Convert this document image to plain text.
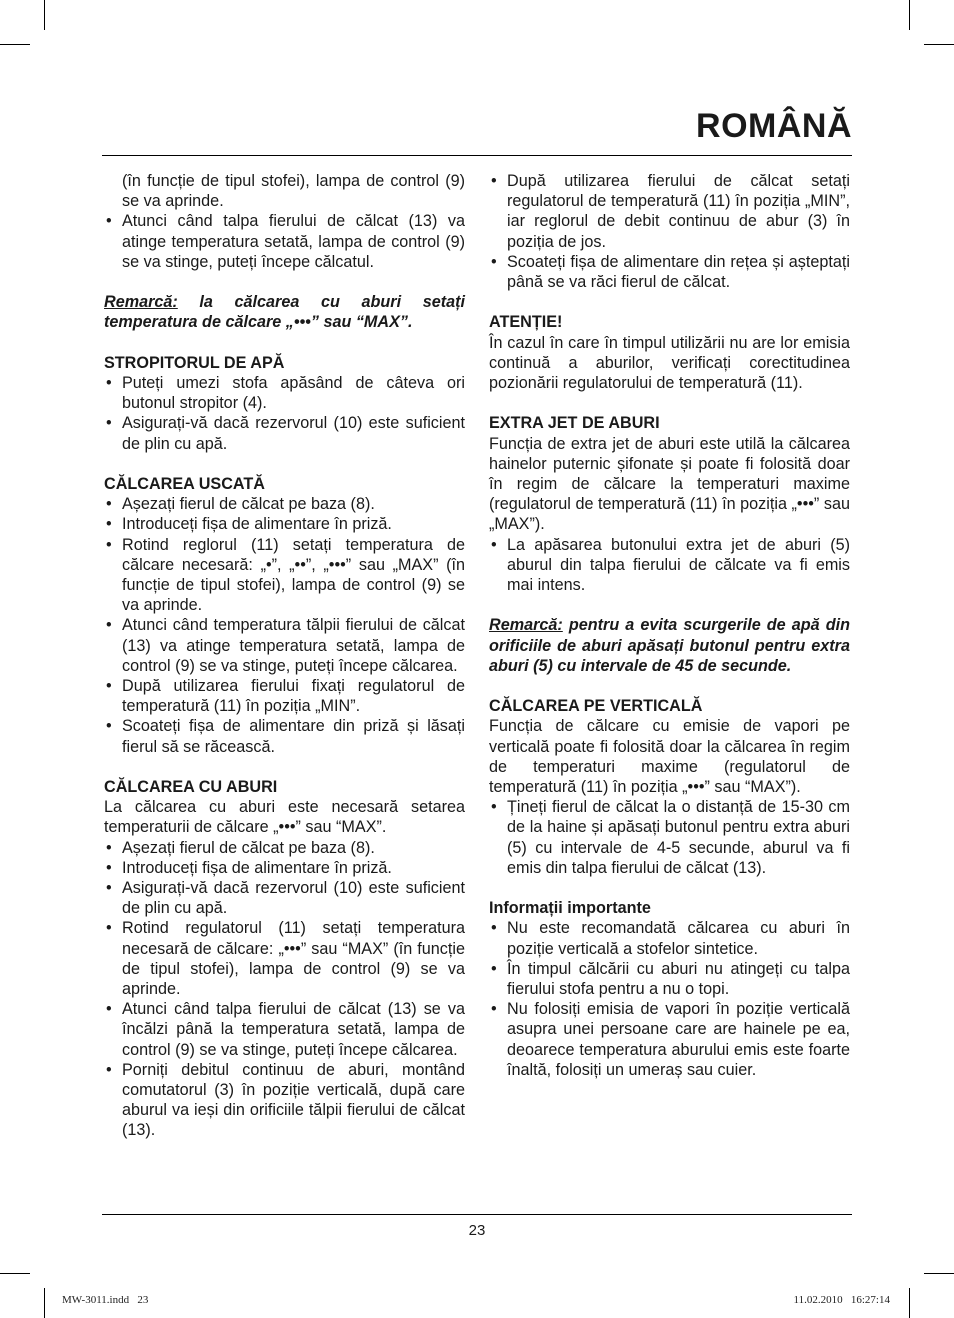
ROMÂNĂ

(în funcție de tipul stofei), lampa de control (9) se va aprinde.

• Atunci când talpa fierului de călcat (13) va atinge temperatura setată, lampa de control (9) se va stinge, puteți începe călcatul.

Remarcă: la călcarea cu aburi setați temperatura de călcare „•••” sau “MAX”.

STROPITORUL DE APĂ
• Puteți umezi stofa apăsând de câteva ori butonul stropitor (4).
• Asigurați-vă dacă rezervorul (10) este suficient de plin cu apă.
CĂLCAREA USCATĂ
• Așezați fierul de călcat pe baza (8).
• Introduceți fișa de alimentare în priză.
• Rotind reglorul (11) setați temperatura de călcare necesară: „•”, „••”, „•••” sau „MAX” (în funcție de tipul stofei), lampa de control (9) se va aprinde.
• Atunci când temperatura tălpii fierului de călcat (13) va atinge temperatura setată, lampa de control (9) se va stinge, puteți începe călcarea.
• După utilizarea fierului fixați regulatorul de temperatură (11) în poziția „MIN”.
• Scoateți fișa de alimentare din priză și lăsați fierul să se răcească.
CĂLCAREA CU ABURI

La călcarea cu aburi este necesară setarea temperaturii de călcare „•••” sau “MAX”.

• Așezați fierul de călcat pe baza (8).
• Introduceți fișa de alimentare în priză.
• Asigurați-vă dacă rezervorul (10) este suficient de plin cu apă.
• Rotind regulatorul (11) setați temperatura necesară de călcare: „•••” sau “MAX” (în funcție de tipul stofei), lampa de control (9) se va aprinde.
• Atunci când talpa fierului de călcat (13) se va încălzi până la temperatura setată, lampa de control (9) se va stinge, puteți începe călcarea.
• Porniți debitul continuu de aburi, montând comutatorul (3) în poziție verticală, după care aburul va ieși din orificiile tălpii fierului de călcat (13).
• După utilizarea fierului de călcat setați regulatorul de temperatură (11) în poziția „MIN”, iar reglorul de debit continuu de abur (3) în poziția de jos.
• Scoateți fișa de alimentare din rețea și așteptați până se va răci fierul de călcat.
ATENȚIE!

În cazul în care în timpul utilizării nu are lor emisia continuă a aburilor, verificați corectitudinea pozionării regulatorului de temperatură (11).

EXTRA JET DE ABURI

Funcția de extra jet de aburi este utilă la călcarea hainelor puternic șifonate și poate fi folosită doar în regim de călcare la temperaturi maxime (regulatorul de temperatură (11) în poziția „•••” sau „MAX”).

• La apăsarea butonului extra jet de aburi (5) aburul din talpa fierului de călcate va fi emis mai intens.

Remarcă: pentru a evita scurgerile de apă din orificiile de aburi apăsați butonul pentru extra aburi (5) cu intervale de 45 de secunde.

CĂLCAREA PE VERTICALĂ

Funcția de călcare cu emisie de vapori pe verticală poate fi folosită doar la călcarea în regim de temperaturi maxime (regulatorul de temperatură (11) în poziția „•••” sau “MAX”).

• Țineți fierul de călcat la o distanță de 15-30 cm de la haine și apăsați butonul pentru extra aburi (5) cu intervale de 4-5 secunde, aburul va fi emis din talpa fierului de călcat (13).
Informații importante
• Nu este recomandată călcarea cu aburi în poziție verticală a stofelor sintetice.
• În timpul călcării cu aburi nu atingeți cu talpa fierului stofa pentru a nu o topi.
• Nu folosiți emisia de vapori în poziție verticală asupra unei persoane care are hainele pe ea, deoarece temperatura aburului emis este foarte înaltă, folosiți un umeraș sau cuier.
23
MW-3011.indd   23	11.02.2010   16:27:14
